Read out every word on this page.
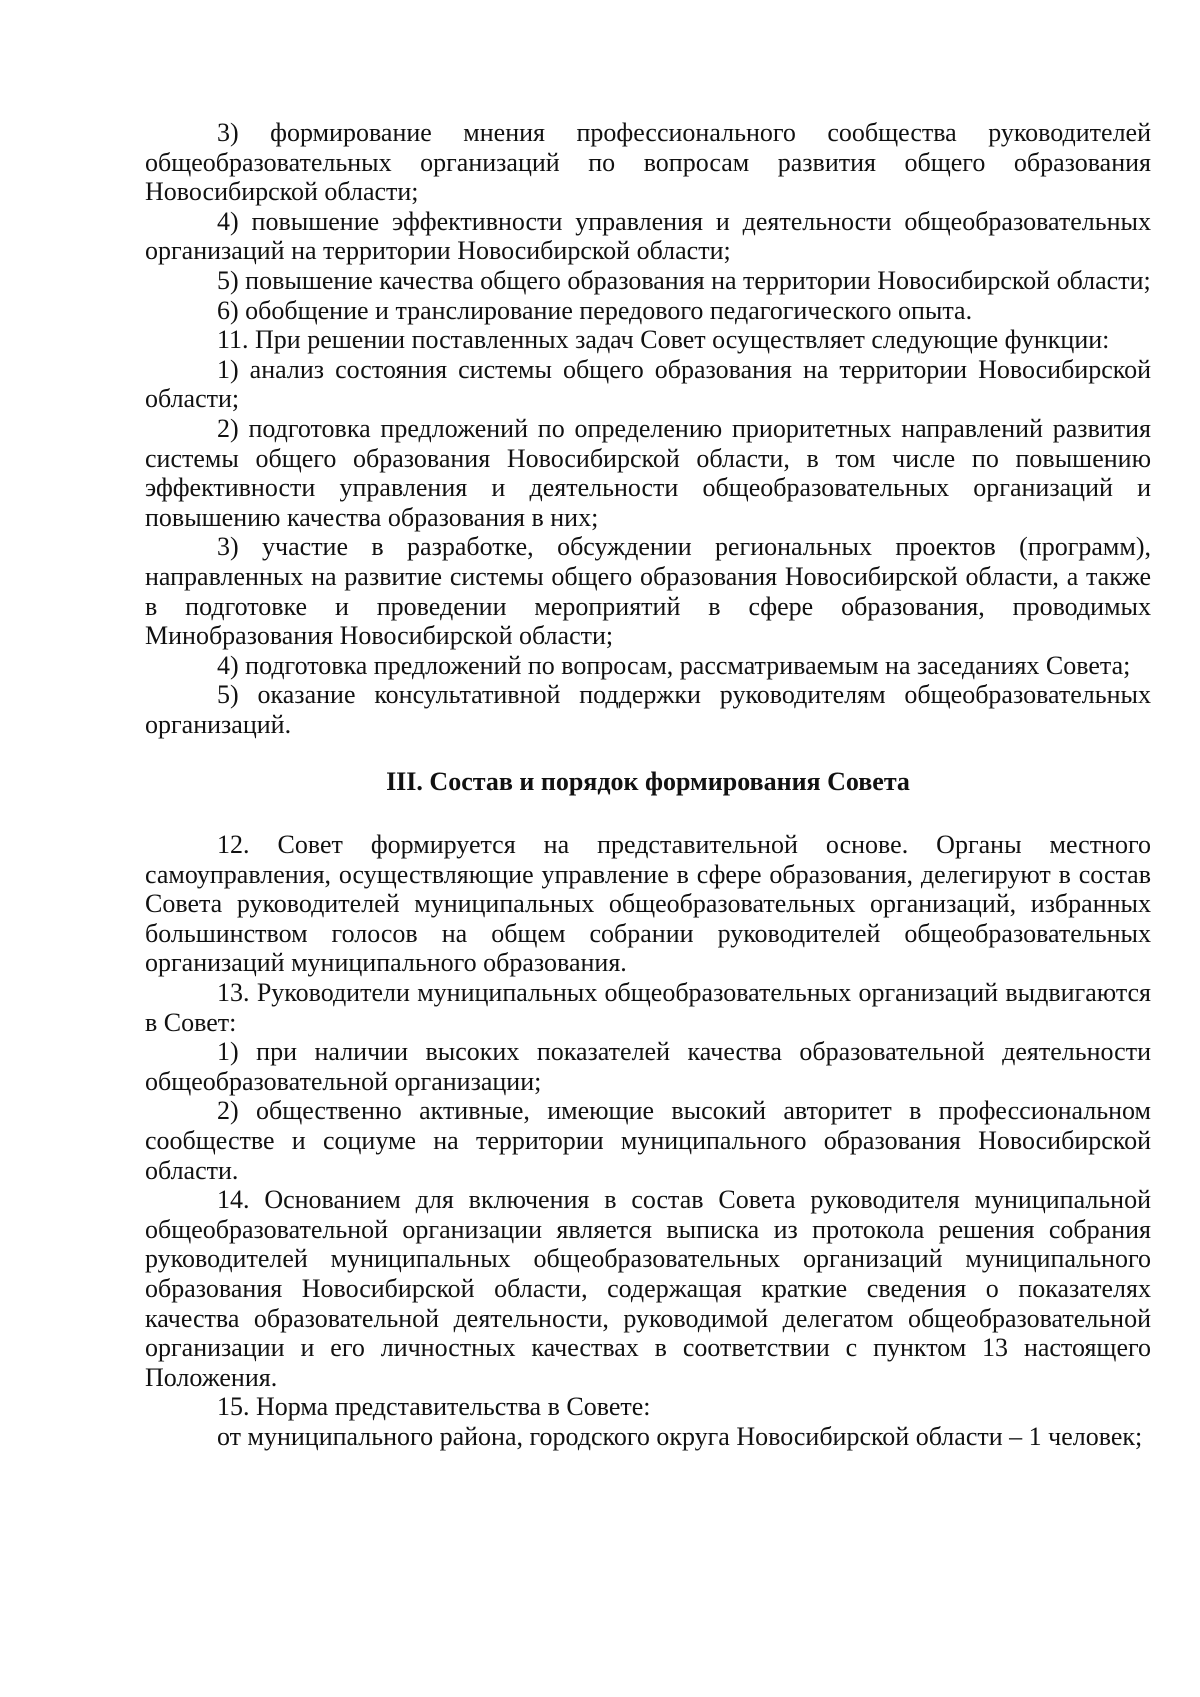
3) формирование мнения профессионального сообщества руководителей общеобразовательных организаций по вопросам развития общего образования Новосибирской области;

4) повышение эффективности управления и деятельности общеобразовательных организаций на территории Новосибирской области;

5) повышение качества общего образования на территории Новосибирской области;

6) обобщение и транслирование передового педагогического опыта.

11. При решении поставленных задач Совет осуществляет следующие функции:

1) анализ состояния системы общего образования на территории Новосибирской области;

2) подготовка предложений по определению приоритетных направлений развития системы общего образования Новосибирской области, в том числе по повышению эффективности управления и деятельности общеобразовательных организаций и повышению качества образования в них;

3) участие в разработке, обсуждении региональных проектов (программ), направленных на развитие системы общего образования Новосибирской области, а также в подготовке и проведении мероприятий в сфере образования, проводимых Минобразования Новосибирской области;

4) подготовка предложений по вопросам, рассматриваемым на заседаниях Совета;

5) оказание консультативной поддержки руководителям общеобразовательных организаций.

III. Состав и порядок формирования Совета

12. Совет формируется на представительной основе. Органы местного самоуправления, осуществляющие управление в сфере образования, делегируют в состав Совета руководителей муниципальных общеобразовательных организаций, избранных большинством голосов на общем собрании руководителей общеобразовательных организаций муниципального образования.

13. Руководители муниципальных общеобразовательных организаций выдвигаются в Совет:

1) при наличии высоких показателей качества образовательной деятельности общеобразовательной организации;

2) общественно активные, имеющие высокий авторитет в профессиональном сообществе и социуме на территории муниципального образования Новосибирской области.

14. Основанием для включения в состав Совета руководителя муниципальной общеобразовательной организации является выписка из протокола решения собрания руководителей муниципальных общеобразовательных организаций муниципального образования Новосибирской области, содержащая краткие сведения о показателях качества образовательной деятельности, руководимой делегатом общеобразовательной организации и его личностных качествах в соответствии с пунктом 13 настоящего Положения.

15. Норма представительства в Совете:

от муниципального района, городского округа Новосибирской области – 1 человек;
